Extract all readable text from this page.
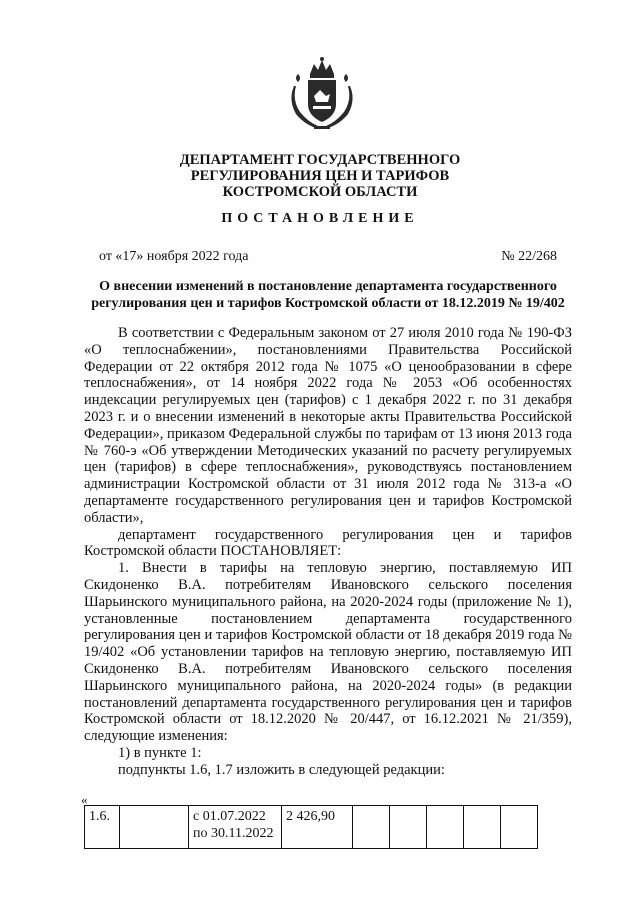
ДЕПАРТАМЕНТ ГОСУДАРСТВЕННОГО
РЕГУЛИРОВАНИЯ ЦЕН И ТАРИФОВ
КОСТРОМСКОЙ ОБЛАСТИ
ПОСТАНОВЛЕНИЕ
от «17» ноября 2022 года	№ 22/268
О внесении изменений в постановление департамента государственного
регулирования цен и тарифов Костромской области от 18.12.2019 № 19/402

В соответствии с Федеральным законом от 27 июля 2010 года № 190-ФЗ «О теплоснабжении», постановлениями Правительства Российской Федерации от 22 октября 2012 года № 1075 «О ценообразовании в сфере теплоснабжения», от 14 ноября 2022 года № 2053 «Об особенностях индексации регулируемых цен (тарифов) с 1 декабря 2022 г. по 31 декабря 2023 г. и о внесении изменений в некоторые акты Правительства Российской Федерации», приказом Федеральной службы по тарифам от 13 июня 2013 года № 760-э «Об утверждении Методических указаний по расчету регулируемых цен (тарифов) в сфере теплоснабжения», руководствуясь постановлением администрации Костромской области от 31 июля 2012 года № 313-а «О департаменте государственного регулирования цен и тарифов Костромской области»,

департамент государственного регулирования цен и тарифов Костромской области ПОСТАНОВЛЯЕТ:

1. Внести в тарифы на тепловую энергию, поставляемую ИП Скидоненко В.А. потребителям Ивановского сельского поселения Шарьинского муниципального района, на 2020-2024 годы (приложение № 1), установленные постановлением департамента государственного регулирования цен и тарифов Костромской области от 18 декабря 2019 года № 19/402 «Об установлении тарифов на тепловую энергию, поставляемую ИП Скидоненко В.А. потребителям Ивановского сельского поселения Шарьинского муниципального района, на 2020-2024 годы» (в редакции постановлений департамента государственного регулирования цен и тарифов Костромской области от 18.12.2020 № 20/447, от 16.12.2021 № 21/359), следующие изменения:

1) в пункте 1:

подпункты 1.6, 1.7 изложить в следующей редакции:

«
1.6.		с 01.07.2022
по 30.11.2022
	2 426,90					
